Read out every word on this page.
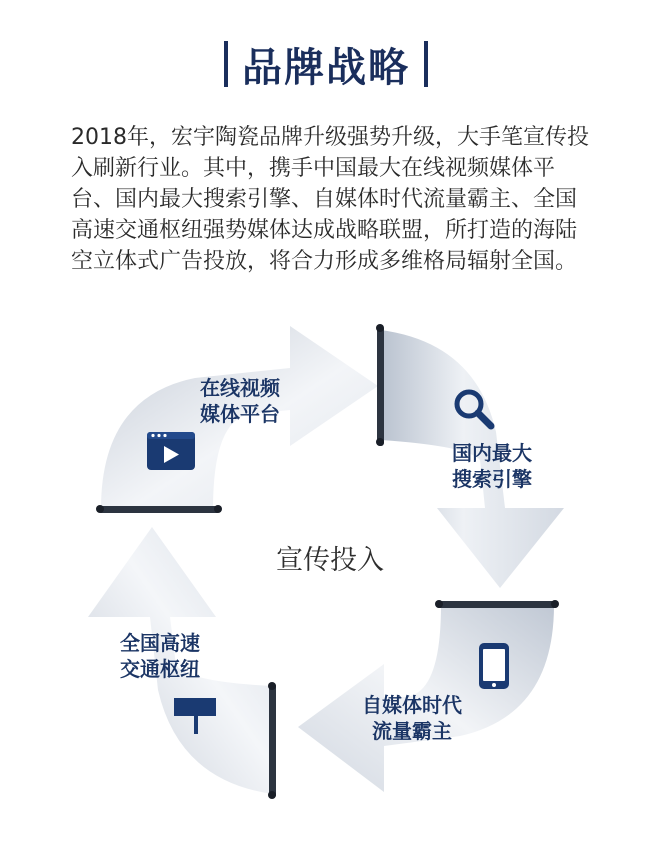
品牌战略

2018年，宏宇陶瓷品牌升级强势升级，大手笔宣传投入刷新行业。其中，携手中国最大在线视频媒体平台、国内最大搜索引擎、自媒体时代流量霸主、全国高速交通枢纽强势媒体达成战略联盟，所打造的海陆空立体式广告投放，将合力形成多维格局辐射全国。

在线视频
媒体平台
国内最大
搜索引擎
自媒体时代
流量霸主
全国高速
交通枢纽
宣传投入
